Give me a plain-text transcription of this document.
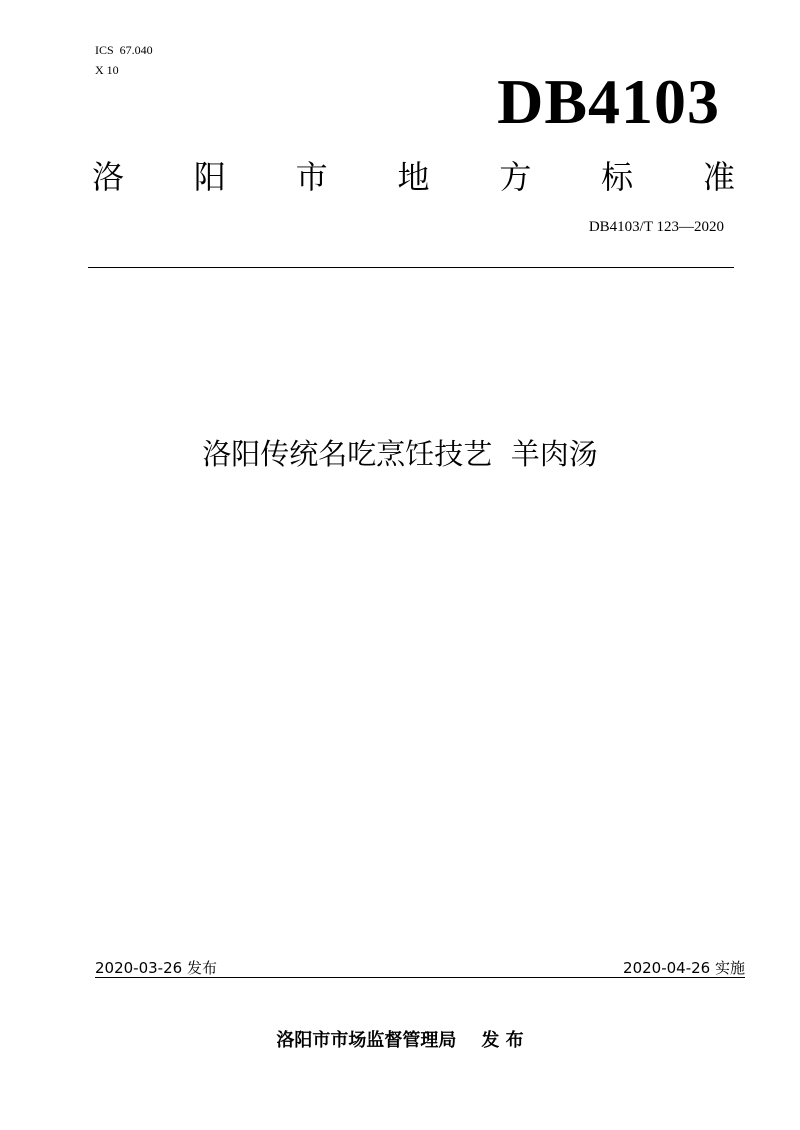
ICS  67.040
X 10	DB4103
洛 阳 市 地 方 标 准
DB4103/T 123—2020
洛阳传统名吃烹饪技艺  羊肉汤
2020-03-26 发布	2020-04-26 实施
洛阳市市场监督管理局    发 布
